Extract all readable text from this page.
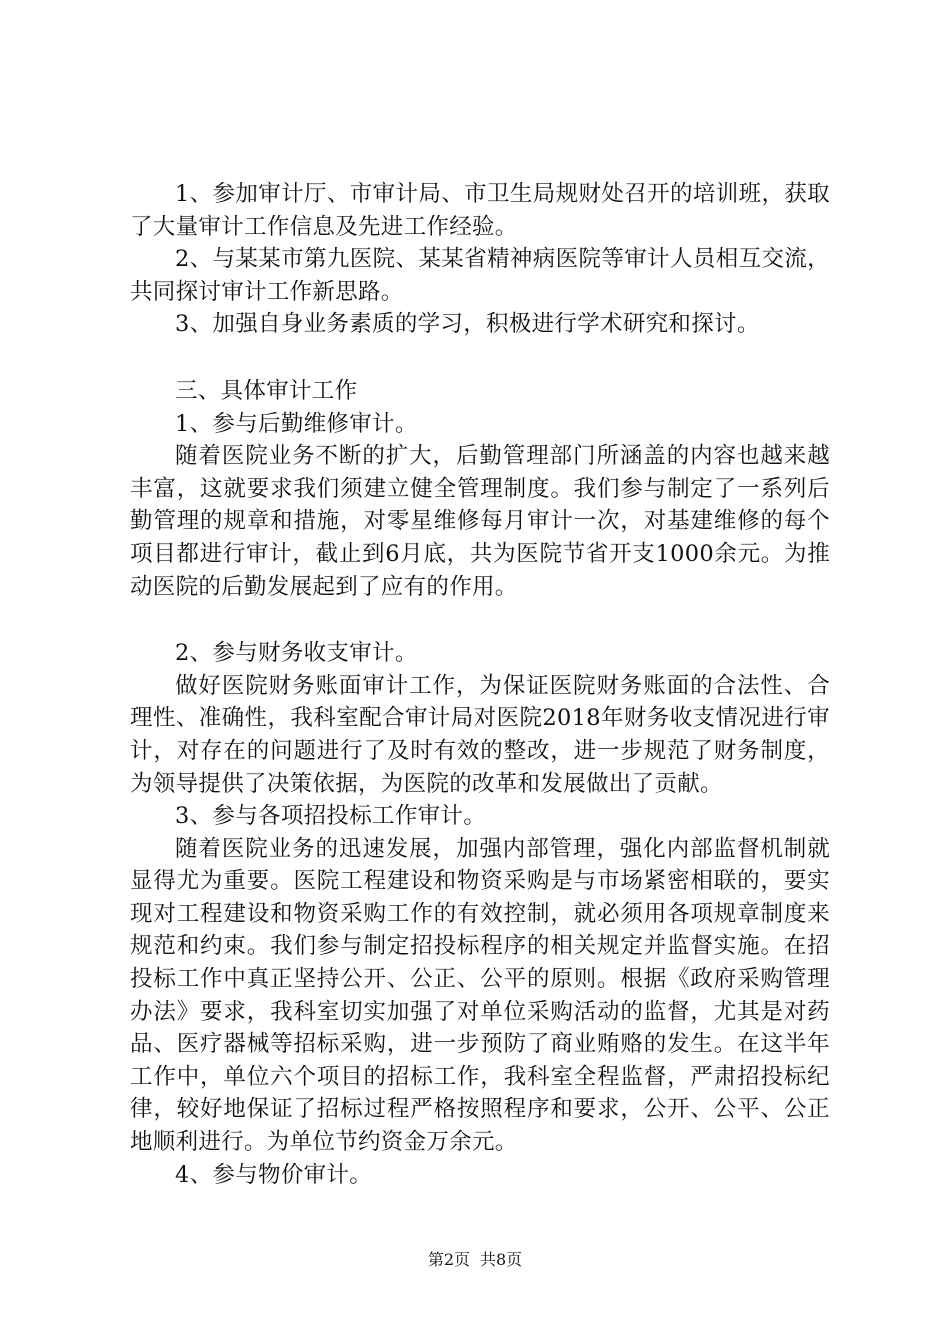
1、参加审计厅、市审计局、市卫生局规财处召开的培训班，获取了大量审计工作信息及先进工作经验。

2、与某某市第九医院、某某省精神病医院等审计人员相互交流，共同探讨审计工作新思路。

3、加强自身业务素质的学习，积极进行学术研究和探讨。

三、具体审计工作

1、参与后勤维修审计。

随着医院业务不断的扩大，后勤管理部门所涵盖的内容也越来越丰富，这就要求我们须建立健全管理制度。我们参与制定了一系列后勤管理的规章和措施，对零星维修每月审计一次，对基建维修的每个项目都进行审计，截止到6月底，共为医院节省开支1000余元。为推动医院的后勤发展起到了应有的作用。

2、参与财务收支审计。

做好医院财务账面审计工作，为保证医院财务账面的合法性、合理性、准确性，我科室配合审计局对医院2018年财务收支情况进行审计，对存在的问题进行了及时有效的整改，进一步规范了财务制度，为领导提供了决策依据，为医院的改革和发展做出了贡献。

3、参与各项招投标工作审计。

随着医院业务的迅速发展，加强内部管理，强化内部监督机制就显得尤为重要。医院工程建设和物资采购是与市场紧密相联的，要实现对工程建设和物资采购工作的有效控制，就必须用各项规章制度来规范和约束。我们参与制定招投标程序的相关规定并监督实施。在招投标工作中真正坚持公开、公正、公平的原则。根据《政府采购管理办法》要求，我科室切实加强了对单位采购活动的监督，尤其是对药品、医疗器械等招标采购，进一步预防了商业贿赂的发生。在这半年工作中，单位六个项目的招标工作，我科室全程监督，严肃招投标纪律，较好地保证了招标过程严格按照程序和要求，公开、公平、公正地顺利进行。为单位节约资金万余元。

4、参与物价审计。

第2页 共8页
